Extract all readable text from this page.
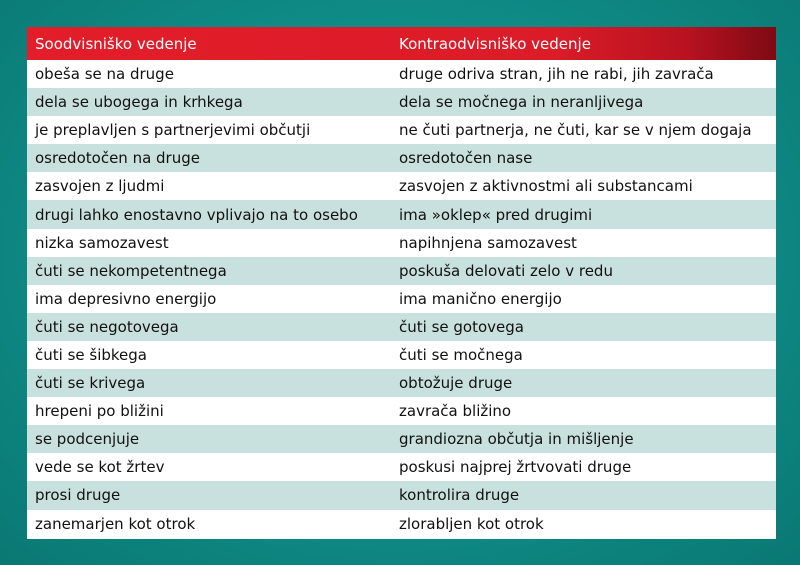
Soodvisniško vedenje	Kontraodvisniško vedenje
obeša se na druge	druge odriva stran, jih ne rabi, jih zavrača
dela se ubogega in krhkega	dela se močnega in neranljivega
je preplavljen s partnerjevimi občutji	ne čuti partnerja, ne čuti, kar se v njem dogaja
osredotočen na druge	osredotočen nase
zasvojen z ljudmi	zasvojen z aktivnostmi ali substancami
drugi lahko enostavno vplivajo na to osebo	ima »oklep« pred drugimi
nizka samozavest	napihnjena samozavest
čuti se nekompetentnega	poskuša delovati zelo v redu
ima depresivno energijo	ima manično energijo
čuti se negotovega	čuti se gotovega
čuti se šibkega	čuti se močnega
čuti se krivega	obtožuje druge
hrepeni po bližini	zavrača bližino
se podcenjuje	grandiozna občutja in mišljenje
vede se kot žrtev	poskusi najprej žrtvovati druge
prosi druge	kontrolira druge
zanemarjen kot otrok	zlorabljen kot otrok
